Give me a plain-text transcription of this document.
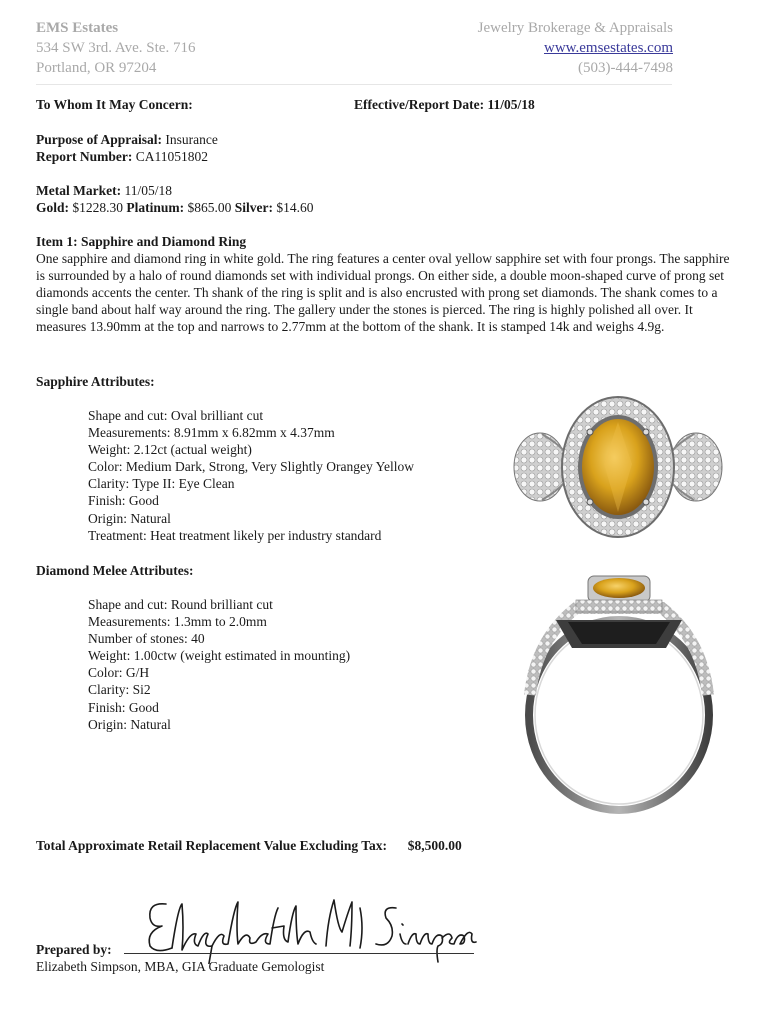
EMS Estates
534 SW 3rd. Ave. Ste. 716
Portland, OR 97204
Jewelry Brokerage & Appraisals
www.emsestates.com
(503)-444-7498
To Whom It May Concern:	Effective/Report Date: 11/05/18
Purpose of Appraisal: Insurance
Report Number: CA11051802
Metal Market: 11/05/18
Gold: $1228.30 Platinum: $865.00 Silver: $14.60
Item 1: Sapphire and Diamond Ring
One sapphire and diamond ring in white gold. The ring features a center oval yellow sapphire set with four prongs. The sapphire is surrounded by a halo of round diamonds set with individual prongs. On either side, a double moon-shaped curve of prong set diamonds accents the center. Th shank of the ring is split and is also encrusted with prong set diamonds. The shank comes to a single band about half way around the ring. The gallery under the stones is pierced. The ring is highly polished all over. It measures 13.90mm at the top and narrows to 2.77mm at the bottom of the shank. It is stamped 14k and weighs 4.9g.
Sapphire Attributes:
Shape and cut: Oval brilliant cut
Measurements: 8.91mm x 6.82mm x 4.37mm
Weight: 2.12ct (actual weight)
Color: Medium Dark, Strong, Very Slightly Orangey Yellow
Clarity: Type II: Eye Clean
Finish: Good
Origin: Natural
Treatment: Heat treatment likely per industry standard
Diamond Melee Attributes:
Shape and cut: Round brilliant cut
Measurements: 1.3mm to 2.0mm
Number of stones: 40
Weight: 1.00ctw (weight estimated in mounting)
Color: G/H
Clarity: Si2
Finish: Good
Origin: Natural
Total Approximate Retail Replacement Value Excluding Tax: $8,500.00
Prepared by:
Elizabeth Simpson, MBA, GIA Graduate Gemologist
